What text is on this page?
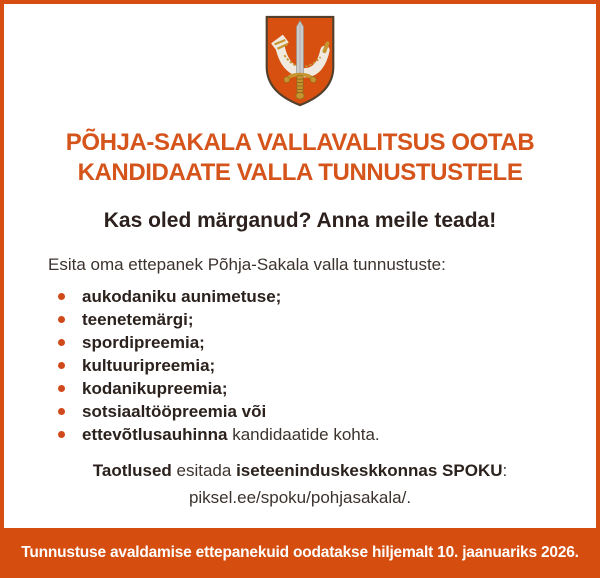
PÕHJA-SAKALA VALLAVALITSUS OOTAB
KANDIDAATE VALLA TUNNUSTUSTELE
Kas oled märganud? Anna meile teada!

Esita oma ettepanek Põhja-Sakala valla tunnustuste:

aukodaniku aunimetuse;
teenetemärgi;
spordipreemia;
kultuuripreemia;
kodanikupreemia;
sotsiaaltööpreemia või
ettevõtlusauhinna kandidaatide kohta.

Taotlused esitada iseteeninduskeskkonnas SPOKU:
piksel.ee/spoku/pohjasakala/.

Tunnustuse avaldamise ettepanekuid oodatakse hiljemalt 10. jaanuariks 2026.
